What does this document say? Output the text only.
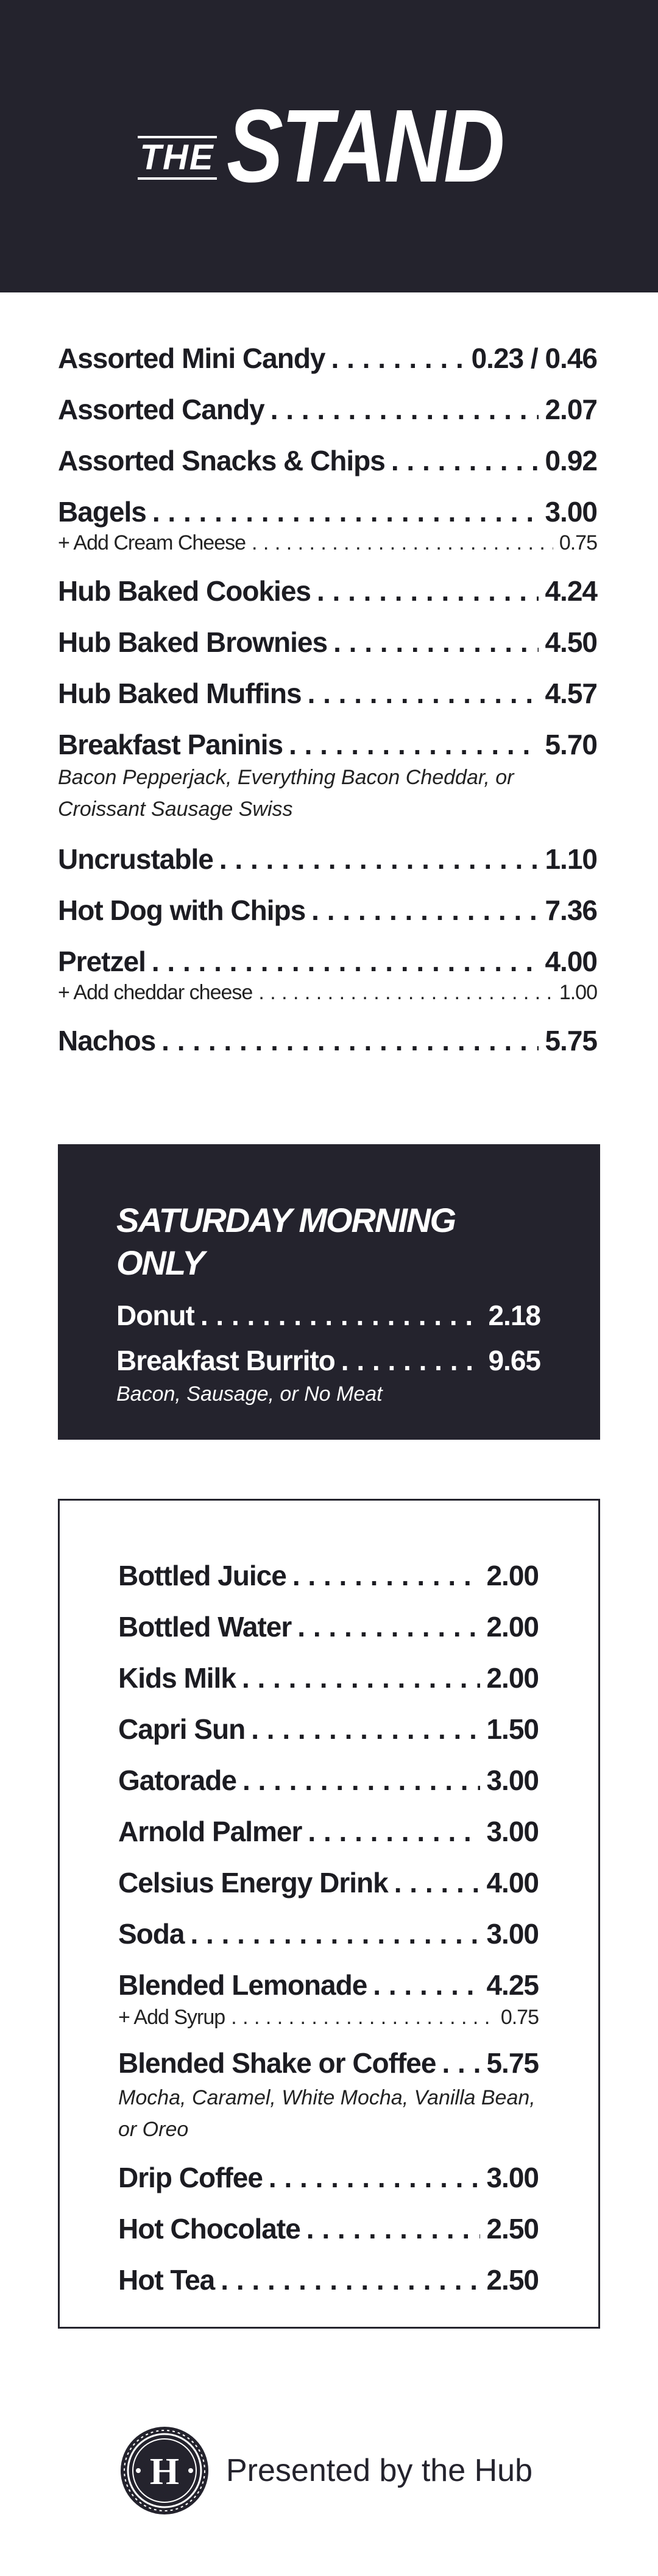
THE STAND
Assorted Mini Candy . . .	0.23 / 0.46
Assorted Candy . . .	2.07
Assorted Snacks & Chips . . .	0.92
Bagels . . .	3.00
+ Add Cream Cheese . . .	0.75
Hub Baked Cookies . . .	4.24
Hub Baked Brownies . . .	4.50
Hub Baked Muffins . . .	4.57
Breakfast Paninis . . .	5.70
Bacon Pepperjack, Everything Bacon Cheddar, or Croissant Sausage Swiss
Uncrustable . . .	1.10
Hot Dog with Chips . . .	7.36
Pretzel . . .	4.00
+ Add cheddar cheese . . .	1.00
Nachos . . .	5.75
SATURDAY MORNING ONLY
Donut . . .	2.18
Breakfast Burrito . . .	9.65
Bacon, Sausage, or No Meat
Bottled Juice . . .	2.00
Bottled Water . . .	2.00
Kids Milk . . .	2.00
Capri Sun . . .	1.50
Gatorade . . .	3.00
Arnold Palmer . . .	3.00
Celsius Energy Drink . . .	4.00
Soda . . .	3.00
Blended Lemonade . . .	4.25
+ Add Syrup . . .	0.75
Blended Shake or Coffee . . . 5.75
Mocha, Caramel, White Mocha, Vanilla Bean, or Oreo
Drip Coffee . . .	3.00
Hot Chocolate . . .	2.50
Hot Tea . . .	2.50
H Presented by the Hub
